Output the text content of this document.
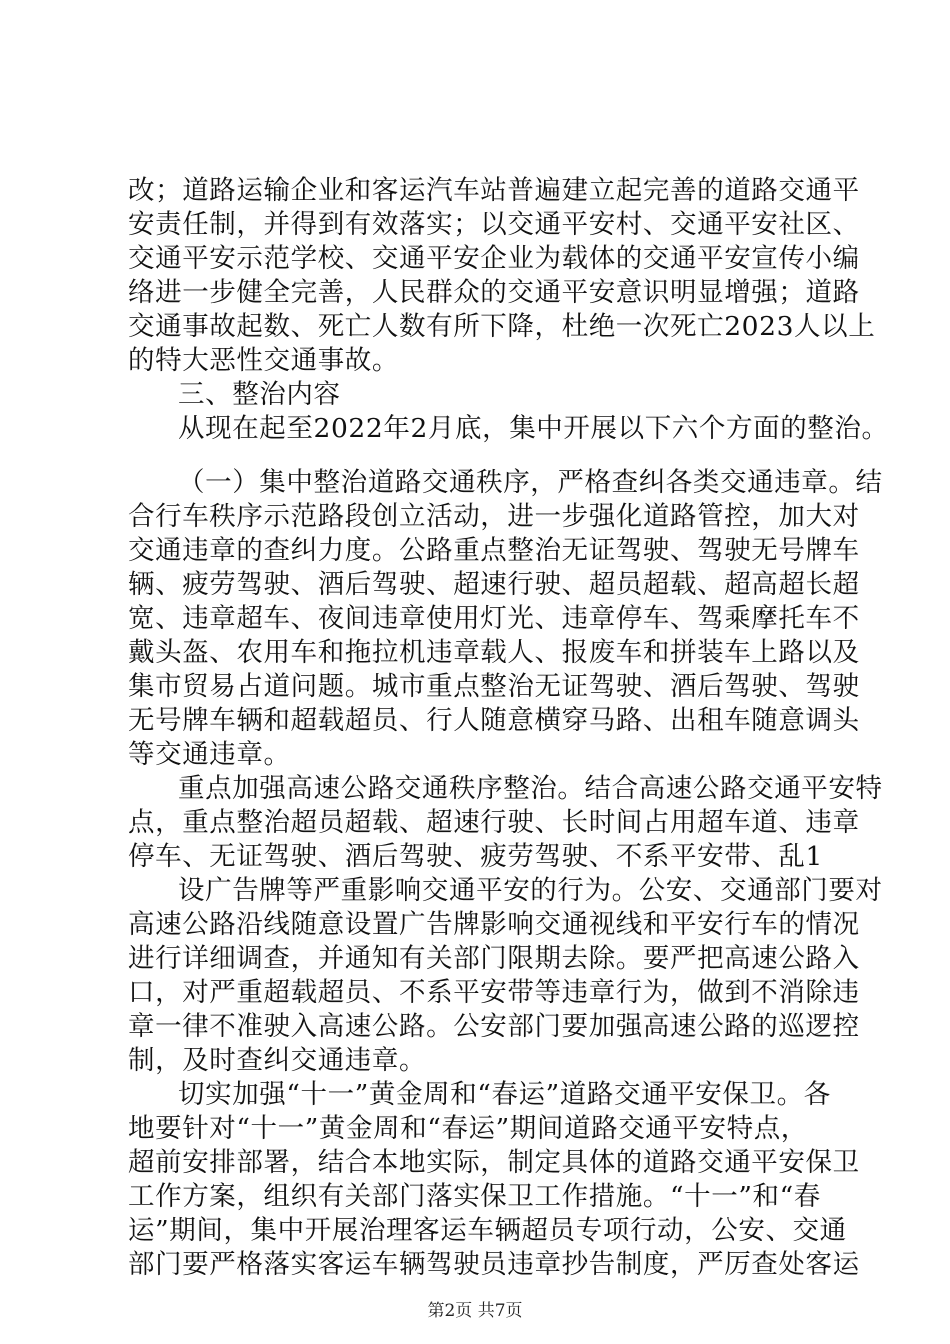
改；道路运输企业和客运汽车站普遍建立起完善的道路交通平
安责任制，并得到有效落实；以交通平安村、交通平安社区、
交通平安示范学校、交通平安企业为载体的交通平安宣传小编
络进一步健全完善，人民群众的交通平安意识明显增强；道路
交通事故起数、死亡人数有所下降，杜绝一次死亡2023人以上
的特大恶性交通事故。
三、整治内容
从现在起至2022年2月底，集中开展以下六个方面的整治。
（一）集中整治道路交通秩序，严格查纠各类交通违章。结
合行车秩序示范路段创立活动，进一步强化道路管控，加大对
交通违章的查纠力度。公路重点整治无证驾驶、驾驶无号牌车
辆、疲劳驾驶、酒后驾驶、超速行驶、超员超载、超高超长超
宽、违章超车、夜间违章使用灯光、违章停车、驾乘摩托车不
戴头盔、农用车和拖拉机违章载人、报废车和拼装车上路以及
集市贸易占道问题。城市重点整治无证驾驶、酒后驾驶、驾驶
无号牌车辆和超载超员、行人随意横穿马路、出租车随意调头
等交通违章。
重点加强高速公路交通秩序整治。结合高速公路交通平安特
点，重点整治超员超载、超速行驶、长时间占用超车道、违章
停车、无证驾驶、酒后驾驶、疲劳驾驶、不系平安带、乱1
设广告牌等严重影响交通平安的行为。公安、交通部门要对
高速公路沿线随意设置广告牌影响交通视线和平安行车的情况
进行详细调查，并通知有关部门限期去除。要严把高速公路入
口，对严重超载超员、不系平安带等违章行为，做到不消除违
章一律不准驶入高速公路。公安部门要加强高速公路的巡逻控
制，及时查纠交通违章。
切实加强“十一”黄金周和“春运”道路交通平安保卫。各
地要针对“十一”黄金周和“春运”期间道路交通平安特点，
超前安排部署，结合本地实际，制定具体的道路交通平安保卫
工作方案，组织有关部门落实保卫工作措施。“十一”和“春
运”期间，集中开展治理客运车辆超员专项行动，公安、交通
部门要严格落实客运车辆驾驶员违章抄告制度，严厉查处客运
第2页 共7页
